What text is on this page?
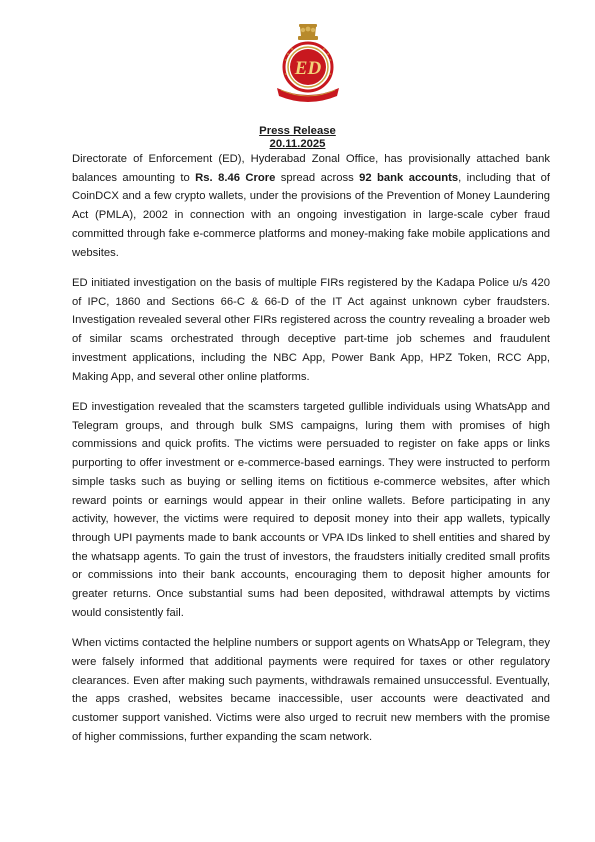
ED
Press Release
20.11.2025

Directorate of Enforcement (ED), Hyderabad Zonal Office, has provisionally attached bank balances amounting to Rs. 8.46 Crore spread across 92 bank accounts, including that of CoinDCX and a few crypto wallets, under the provisions of the Prevention of Money Laundering Act (PMLA), 2002 in connection with an ongoing investigation in large-scale cyber fraud committed through fake e-commerce platforms and money-making fake mobile applications and websites.

ED initiated investigation on the basis of multiple FIRs registered by the Kadapa Police u/s 420 of IPC, 1860 and Sections 66-C & 66-D of the IT Act against unknown cyber fraudsters. Investigation revealed several other FIRs registered across the country revealing a broader web of similar scams orchestrated through deceptive part-time job schemes and fraudulent investment applications, including the NBC App, Power Bank App, HPZ Token, RCC App, Making App, and several other online platforms.

ED investigation revealed that the scamsters targeted gullible individuals using WhatsApp and Telegram groups, and through bulk SMS campaigns, luring them with promises of high commissions and quick profits. The victims were persuaded to register on fake apps or links purporting to offer investment or e-commerce-based earnings. They were instructed to perform simple tasks such as buying or selling items on fictitious e-commerce websites, after which reward points or earnings would appear in their online wallets. Before participating in any activity, however, the victims were required to deposit money into their app wallets, typically through UPI payments made to bank accounts or VPA IDs linked to shell entities and shared by the whatsapp agents. To gain the trust of investors, the fraudsters initially credited small profits or commissions into their bank accounts, encouraging them to deposit higher amounts for greater returns. Once substantial sums had been deposited, withdrawal attempts by victims would consistently fail.

When victims contacted the helpline numbers or support agents on WhatsApp or Telegram, they were falsely informed that additional payments were required for taxes or other regulatory clearances. Even after making such payments, withdrawals remained unsuccessful. Eventually, the apps crashed, websites became inaccessible, user accounts were deactivated and customer support vanished. Victims were also urged to recruit new members with the promise of higher commissions, further expanding the scam network.
